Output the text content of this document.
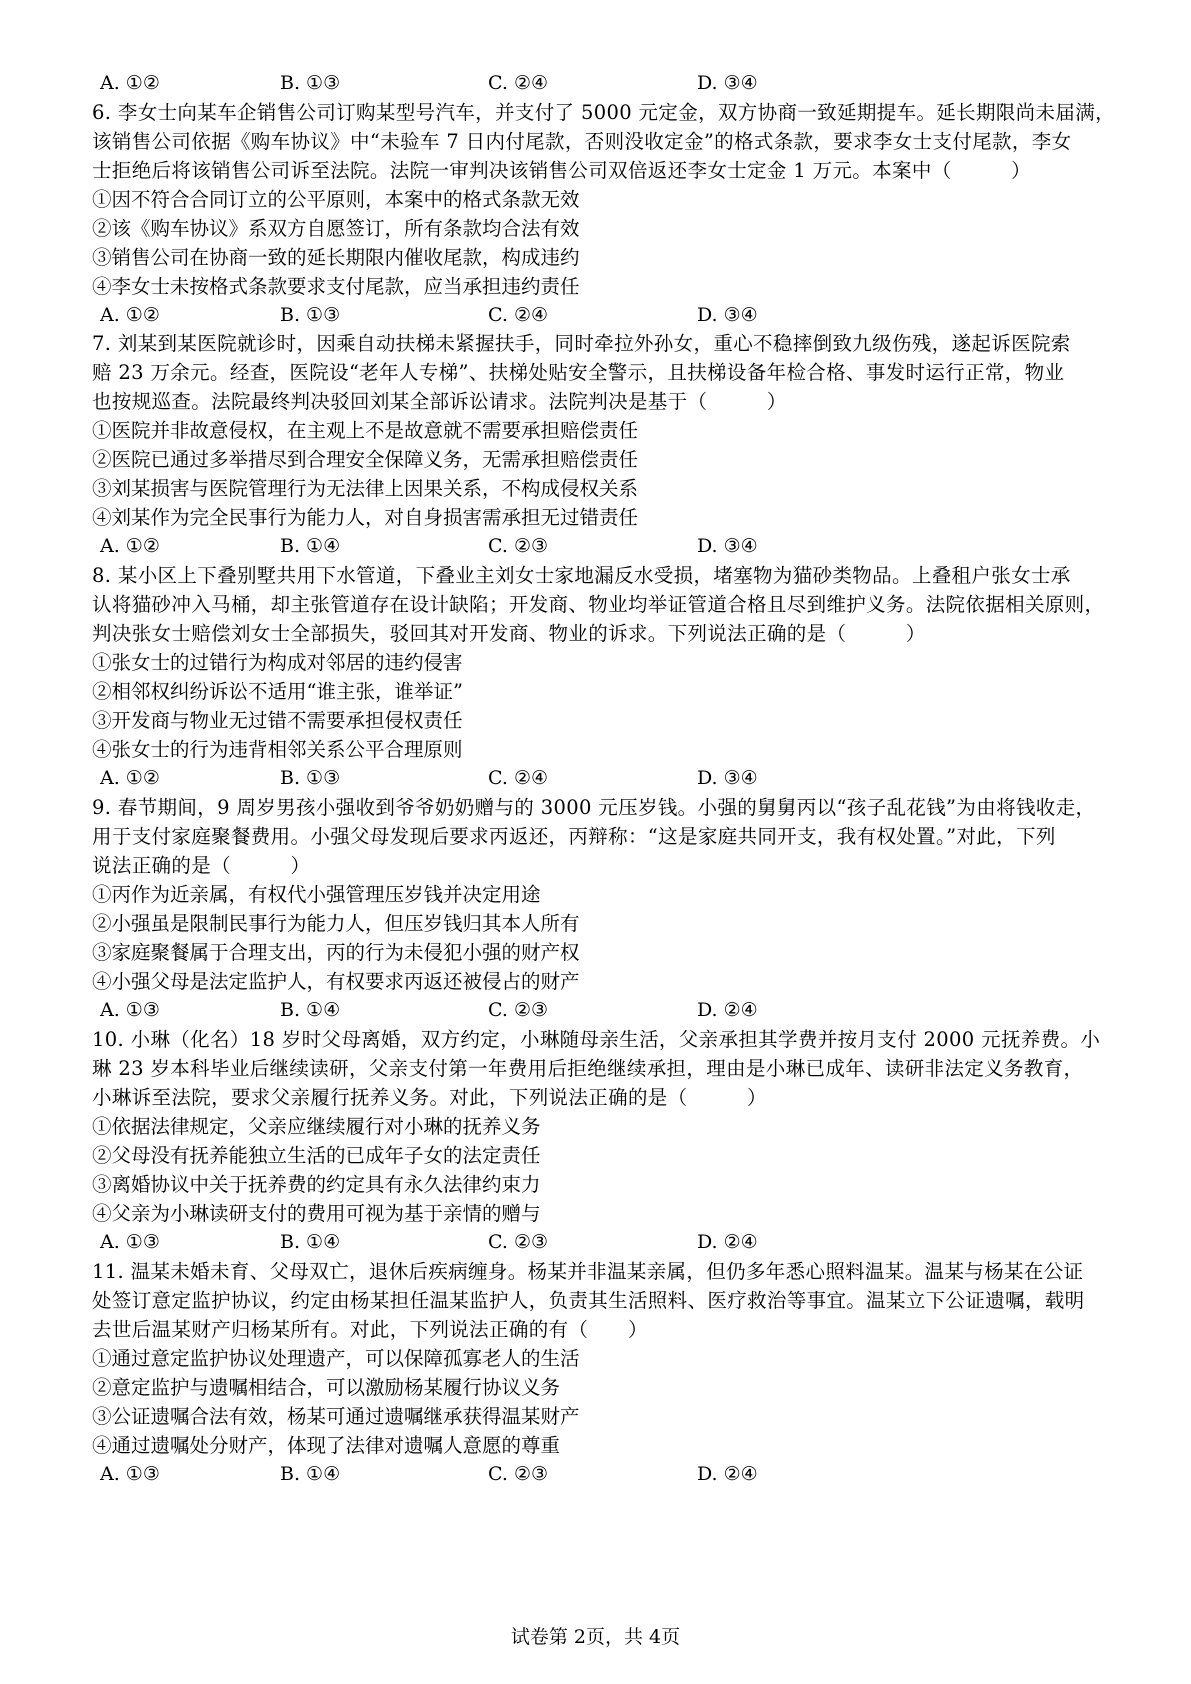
A. ①②	B. ①③	C. ②④	D. ③④
6. 李女士向某车企销售公司订购某型号汽车，并支付了 5000 元定金，双方协商一致延期提车。延长期限尚未届满，
该销售公司依据《购车协议》中“未验车 7 日内付尾款，否则没收定金”的格式条款，要求李女士支付尾款，李女
士拒绝后将该销售公司诉至法院。法院一审判决该销售公司双倍返还李女士定金 1 万元。本案中（　　　）
①因不符合合同订立的公平原则，本案中的格式条款无效
②该《购车协议》系双方自愿签订，所有条款均合法有效
③销售公司在协商一致的延长期限内催收尾款，构成违约
④李女士未按格式条款要求支付尾款，应当承担违约责任
A. ①②	B. ①③	C. ②④	D. ③④
7. 刘某到某医院就诊时，因乘自动扶梯未紧握扶手，同时牵拉外孙女，重心不稳摔倒致九级伤残，遂起诉医院索
赔 23 万余元。经查，医院设“老年人专梯”、扶梯处贴安全警示，且扶梯设备年检合格、事发时运行正常，物业
也按规巡查。法院最终判决驳回刘某全部诉讼请求。法院判决是基于（　　　）
①医院并非故意侵权，在主观上不是故意就不需要承担赔偿责任
②医院已通过多举措尽到合理安全保障义务，无需承担赔偿责任
③刘某损害与医院管理行为无法律上因果关系，不构成侵权关系
④刘某作为完全民事行为能力人，对自身损害需承担无过错责任
A. ①②	B. ①④	C. ②③	D. ③④
8. 某小区上下叠别墅共用下水管道，下叠业主刘女士家地漏反水受损，堵塞物为猫砂类物品。上叠租户张女士承
认将猫砂冲入马桶，却主张管道存在设计缺陷；开发商、物业均举证管道合格且尽到维护义务。法院依据相关原则，
判决张女士赔偿刘女士全部损失，驳回其对开发商、物业的诉求。下列说法正确的是（　　　）
①张女士的过错行为构成对邻居的违约侵害
②相邻权纠纷诉讼不适用“谁主张，谁举证”
③开发商与物业无过错不需要承担侵权责任
④张女士的行为违背相邻关系公平合理原则
A. ①②	B. ①③	C. ②④	D. ③④
9. 春节期间，9 周岁男孩小强收到爷爷奶奶赠与的 3000 元压岁钱。小强的舅舅丙以“孩子乱花钱”为由将钱收走，
用于支付家庭聚餐费用。小强父母发现后要求丙返还，丙辩称：“这是家庭共同开支，我有权处置。”对此，下列
说法正确的是（　　　）
①丙作为近亲属，有权代小强管理压岁钱并决定用途
②小强虽是限制民事行为能力人，但压岁钱归其本人所有
③家庭聚餐属于合理支出，丙的行为未侵犯小强的财产权
④小强父母是法定监护人，有权要求丙返还被侵占的财产
A. ①③	B. ①④	C. ②③	D. ②④
10. 小琳（化名）18 岁时父母离婚，双方约定，小琳随母亲生活，父亲承担其学费并按月支付 2000 元抚养费。小
琳 23 岁本科毕业后继续读研，父亲支付第一年费用后拒绝继续承担，理由是小琳已成年、读研非法定义务教育，
小琳诉至法院，要求父亲履行抚养义务。对此，下列说法正确的是（　　　）
①依据法律规定，父亲应继续履行对小琳的抚养义务
②父母没有抚养能独立生活的已成年子女的法定责任
③离婚协议中关于抚养费的约定具有永久法律约束力
④父亲为小琳读研支付的费用可视为基于亲情的赠与
A. ①③	B. ①④	C. ②③	D. ②④
11. 温某未婚未育、父母双亡，退休后疾病缠身。杨某并非温某亲属，但仍多年悉心照料温某。温某与杨某在公证
处签订意定监护协议，约定由杨某担任温某监护人，负责其生活照料、医疗救治等事宜。温某立下公证遗嘱，载明
去世后温某财产归杨某所有。对此，下列说法正确的有（　　）
①通过意定监护协议处理遗产，可以保障孤寡老人的生活
②意定监护与遗嘱相结合，可以激励杨某履行协议义务
③公证遗嘱合法有效，杨某可通过遗嘱继承获得温某财产
④通过遗嘱处分财产，体现了法律对遗嘱人意愿的尊重
A. ①③	B. ①④	C. ②③	D. ②④
试卷第 2页，共 4页
